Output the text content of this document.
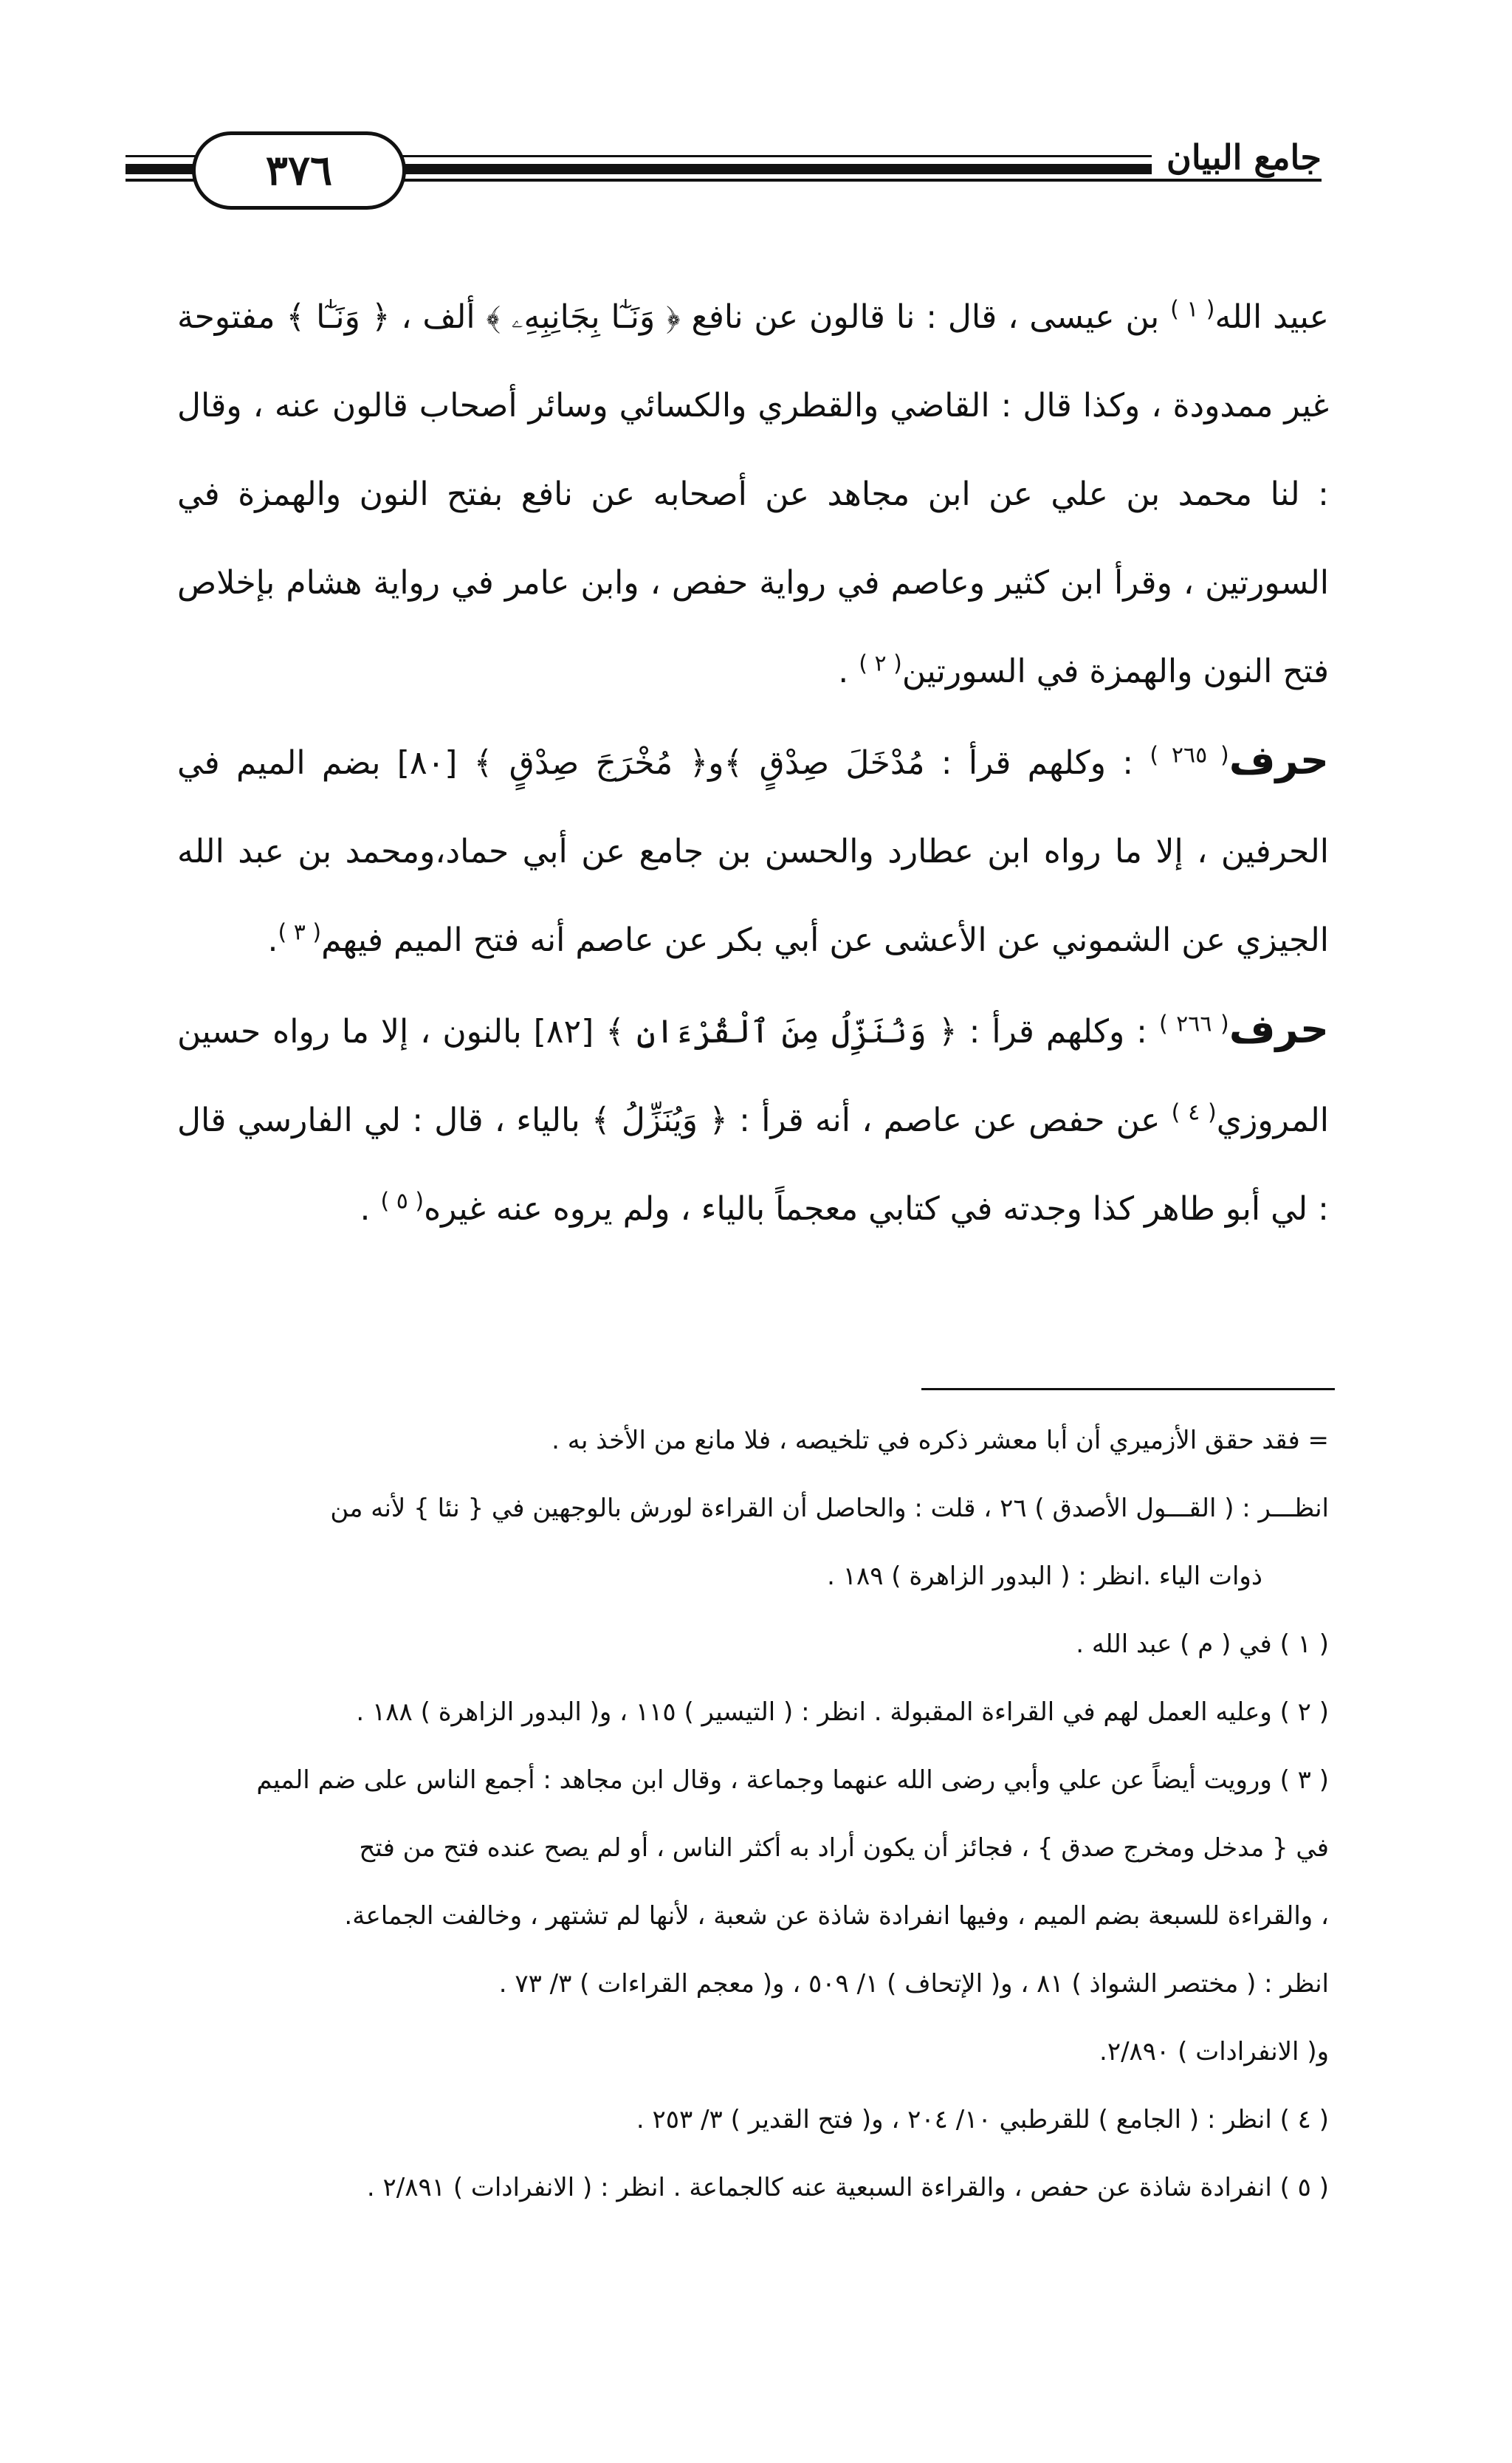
٣٧٦	جامع البيان

عبيد الله$^{( ١ )}$ بن عيسى ، قال : نا قالون عن نافع ﴿ وَنَـٰٓا بِجَانِبِهِۦ ﴾ ألف ، ﴿ وَنَـٰٓا ﴾ مفتوحة غير ممدودة ، وكذا قال : القاضي والقطري والكسائي وسائر أصحاب قالون عنه ، وقال : لنا محمد بن علي عن ابن مجاهد عن أصحابه عن نافع بفتح النون والهمزة في السورتين ، وقرأ ابن كثير وعاصم في رواية حفص ، وابن عامر في رواية هشام بإخلاص فتح النون والهمزة في السورتين$^{( ٢ )}$ .

حرف$^{( ٢٦٥ )}$ : وكلهم قرأ : مُدْخَلَ صِدْقٍ ﴾و﴿ مُخْرَجَ صِدْقٍ ﴾ [٨٠] بضم الميم في الحرفين ، إلا ما رواه ابن عطارد والحسن بن جامع عن أبي حماد،ومحمد بن عبد الله الجيزي عن الشموني عن الأعشى عن أبي بكر عن عاصم أنه فتح الميم فيهم$^{( ٣ )}$.

حرف$^{( ٢٦٦ )}$ : وكلهم قرأ : ﴿ وَنُنَزِّلُ مِنَ ٱلْقُرْءَانِ ﴾ [٨٢] بالنون ، إلا ما رواه حسين المروزي$^{( ٤ )}$ عن حفص عن عاصم ، أنه قرأ : ﴿ وَيُنَزِّلُ ﴾ بالياء ، قال : لي الفارسي قال : لي أبو طاهر كذا وجدته في كتابي معجماً بالياء ، ولم يروه عنه غيره$^{( ٥ )}$ .

= فقد حقق الأزميري أن أبا معشر ذكره في تلخيصه ، فلا مانع من الأخذ به .

انظـــر : ( القـــول الأصدق ) ٢٦ ، قلت : والحاصل أن القراءة لورش بالوجهين في { نئا } لأنه من

ذوات الياء .انظر : ( البدور الزاهرة ) ١٨٩ .

( ١ ) في ( م ) عبد الله .

( ٢ ) وعليه العمل لهم في القراءة المقبولة . انظر : ( التيسير ) ١١٥ ، و( البدور الزاهرة ) ١٨٨ .

( ٣ ) ورويت أيضاً عن علي وأبي رضى الله عنهما وجماعة ، وقال ابن مجاهد : أجمع الناس على ضم الميم

في { مدخل ومخرج صدق } ، فجائز أن يكون أراد به أكثر الناس ، أو لم يصح عنده فتح من فتح

، والقراءة للسبعة بضم الميم ، وفيها انفرادة شاذة عن شعبة ، لأنها لم تشتهر ، وخالفت الجماعة.

انظر : ( مختصر الشواذ ) ٨١ ، و( الإتحاف ) ١/ ٥٠٩ ، و( معجم القراءات ) ٣/ ٧٣ .

و( الانفرادات ) ٢/٨٩٠.

( ٤ ) انظر : ( الجامع ) للقرطبي ١٠/ ٢٠٤ ، و( فتح القدير ) ٣/ ٢٥٣ .

( ٥ ) انفرادة شاذة عن حفص ، والقراءة السبعية عنه كالجماعة . انظر : ( الانفرادات ) ٢/٨٩١ .
